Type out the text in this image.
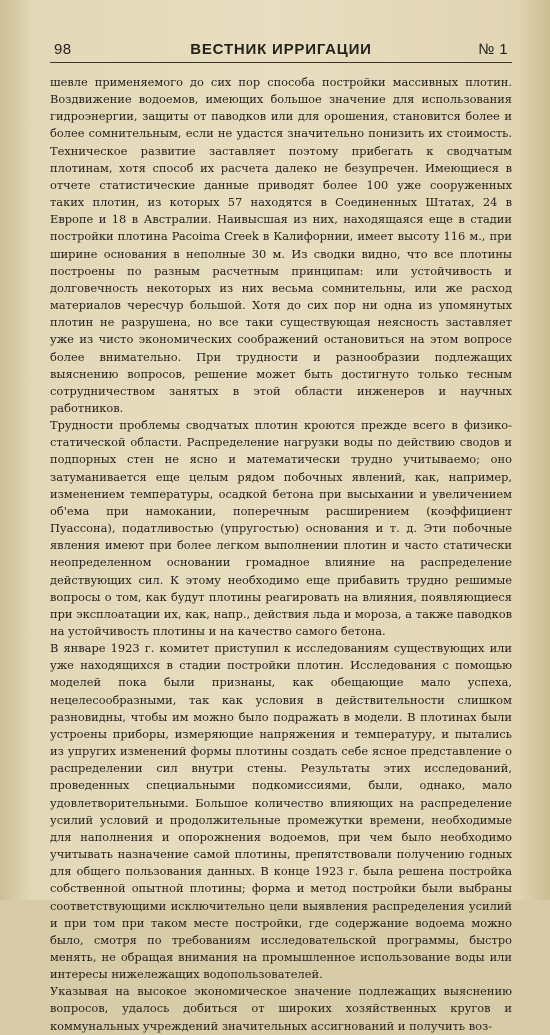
98	ВЕСТНИК ИРРИГАЦИИ	№ 1

шевле применяемого до сих пор способа постройки массивных плотин. Воздвижение водоемов, имеющих большое значение для использования гидроэнергии, защиты от паводков или для орошения, становится более и более сомнительным, если не удастся значительно понизить их стоимость. Техническое развитие заставляет поэтому прибегать к сводчатым плотинам, хотя способ их расчета далеко не безупречен. Имеющиеся в отчете статистические данные приводят более 100 уже сооруженных таких плотин, из которых 57 находятся в Соединенных Штатах, 24 в Европе и 18 в Австралии. Наивысшая из них, находящаяся еще в стадии постройки плотина Pacoima Creek в Калифорнии, имеет высоту 116 м., при ширине основания в неполные 30 м. Из сводки видно, что все плотины построены по разным расчетным принципам: или устойчивость и долговечность некоторых из них весьма сомнительны, или же расход материалов чересчур большой. Хотя до сих пор ни одна из упомянутых плотин не разрушена, но все таки существующая неясность заставляет уже из чисто экономических соображений остановиться на этом вопросе более внимательно. При трудности и разнообразии подлежащих выяснению вопросов, решение может быть достигнуто только тесным сотрудничеством занятых в этой области инженеров и научных работников.

Трудности проблемы сводчатых плотин кроются прежде всего в физико-статической области. Распределение нагрузки воды по действию сводов и подпорных стен не ясно и математически трудно учитываемо; оно затуманивается еще целым рядом побочных явлений, как, например, изменением температуры, осадкой бетона при высыхании и увеличением об'ема при намокании, поперечным расширением (коэффициент Пуассона), податливостью (упругостью) основания и т. д. Эти побочные явления имеют при более легком выполнении плотин и часто статически неопределенном основании громадное влияние на распределение действующих сил. К этому необходимо еще прибавить трудно решимые вопросы о том, как будут плотины реагировать на влияния, появляющиеся при эксплоатации их, как, напр., действия льда и мороза, а также паводков на устойчивость плотины и на качество самого бетона.

В январе 1923 г. комитет приступил к исследованиям существующих или уже находящихся в стадии постройки плотин. Исследования с помощью моделей пока были признаны, как обещающие мало успеха, нецелесообразными, так как условия в действительности слишком разновидны, чтобы им можно было подражать в модели. В плотинах были устроены приборы, измеряющие напряжения и температуру, и пытались из упругих изменений формы плотины создать себе ясное представление о распределении сил внутри стены. Результаты этих исследований, проведенных специальными подкомиссиями, были, однако, мало удовлетворительными. Большое количество влияющих на распределение усилий условий и продолжительные промежутки времени, необходимые для наполнения и опорожнения водоемов, при чем было необходимо учитывать назначение самой плотины, препятствовали получению годных для общего пользования данных. В конце 1923 г. была решена постройка собственной опытной плотины; форма и метод постройки были выбраны соответствующими исключительно цели выявления распределения усилий и при том при таком месте постройки, где содержание водоема можно было, смотря по требованиям исследовательской программы, быстро менять, не обращая внимания на промышленное использование воды или интересы нижележащих водопользователей.

Указывая на высокое экономическое значение подлежащих выяснению вопросов, удалось добиться от широких хозяйственных кругов и коммунальных учреждений значительных ассигнований и получить воз-
